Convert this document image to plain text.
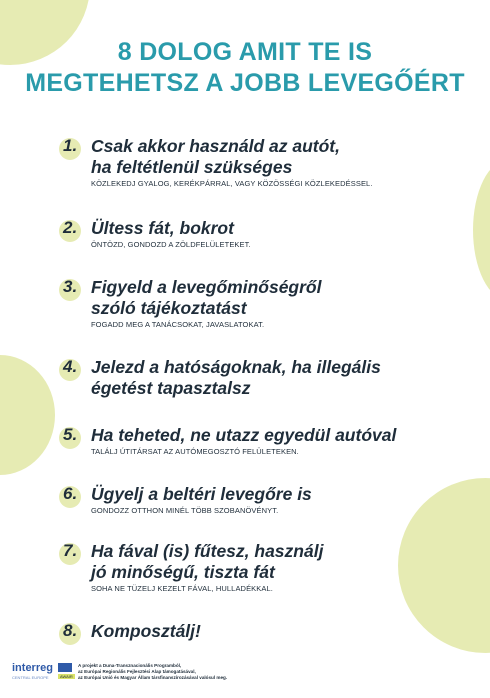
8 DOLOG AMIT TE IS
MEGTEHETSZ A JOBB LEVEGŐÉRT
1. Csak akkor használd az autót,
ha feltétlenül szükséges
KÖZLEKEDJ GYALOG, KERÉKPÁRRAL, VAGY KÖZÖSSÉGI KÖZLEKEDÉSSEL.
2. Ültess fát, bokrot
ÖNTÖZD, GONDOZD A ZÖLDFELÜLETEKET.
3. Figyeld a levegőminőségről
szóló tájékoztatást
FOGADD MEG A TANÁCSOKAT, JAVASLATOKAT.
4. Jelezd a hatóságoknak, ha illegális
égetést tapasztalsz
5. Ha teheted, ne utazz egyedül autóval
TALÁLJ ÚTITÁRSAT AZ AUTÓMEGOSZTÓ FELÜLETEKEN.
6. Ügyelj a beltéri levegőre is
GONDOZZ OTTHON MINÉL TÖBB SZOBANÖVÉNYT.
7. Ha fával (is) fűtesz, használj
jó minőségű, tiszta fát
SOHA NE TÜZELJ KEZELT FÁVAL, HULLADÉKKAL.
8. Komposztálj!
interreg
CENTRAL EUROPE	AWAIR
A projekt a Duna-Transznacionális Programból,
az Európai Regionális Fejlesztési Alap támogatásával,
az Európai Unió és Magyar Állam társfinanszírozásával valósul meg.
